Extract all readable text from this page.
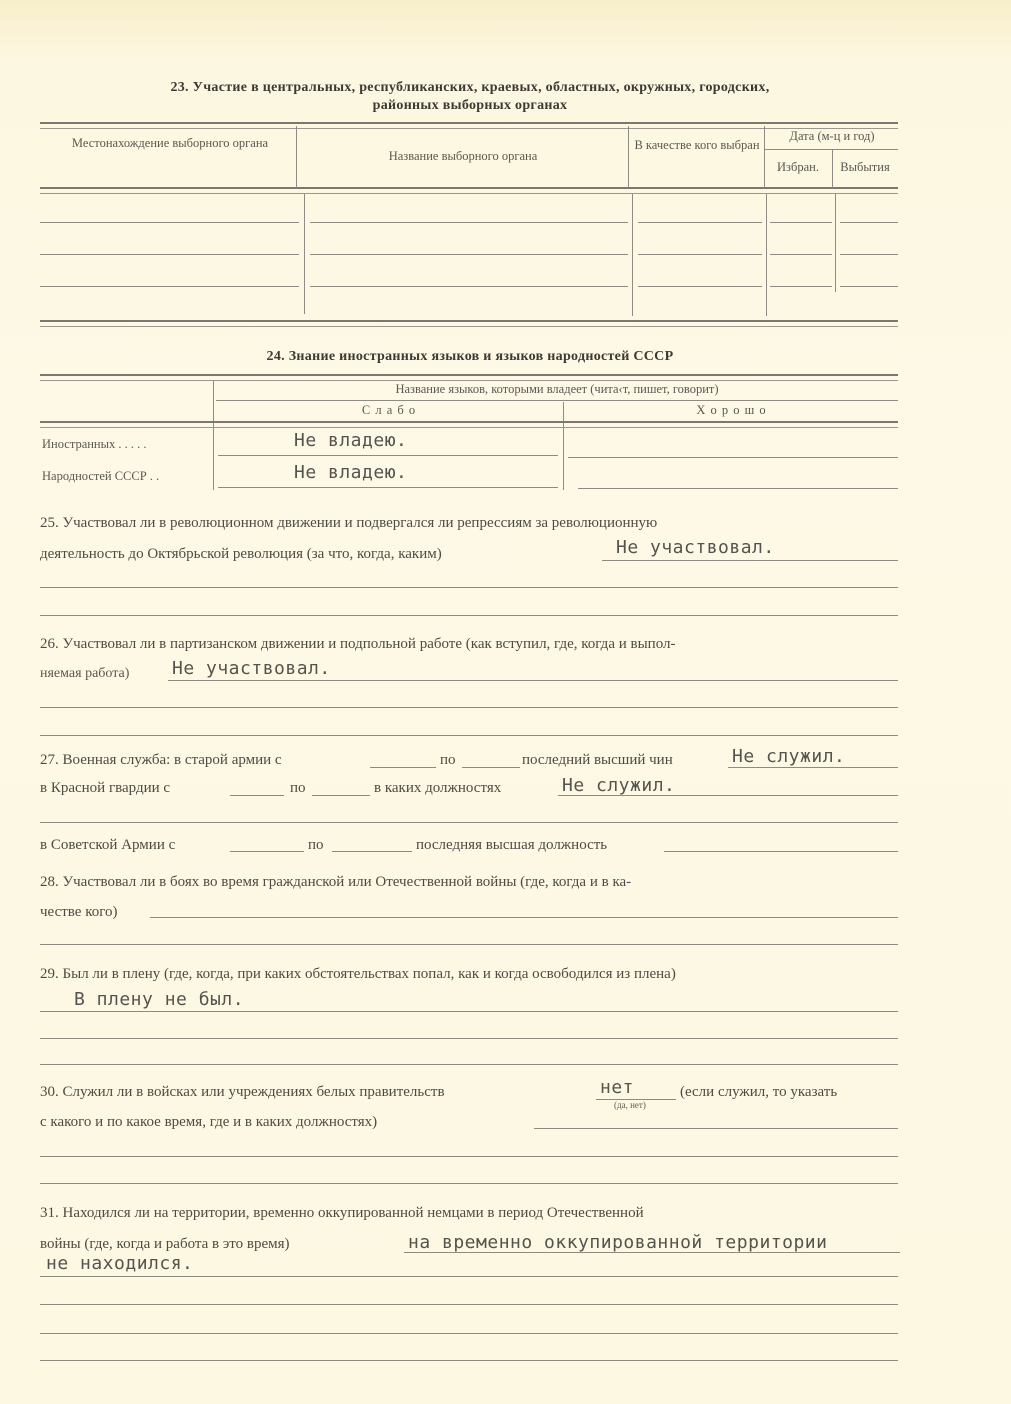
23. Участие в центральных, республиканских, краевых, областных, окружных, городских,
районных выборных органах
Местонахождение выборного органа
Название выборного органа
В качестве кого выбран
Дата (м-ц и год)
Избран.	Выбытия
24. Знание иностранных языков и языков народностей СССР
Название языков, которыми владеет (чита‹т, пишет, говорит)
С л а б о	Х о р о ш о
Иностранных . . . . .	Не владею.
Народностей СССР . .	Не владею.
25. Участвовал ли в революционном движении и подвергался ли репрессиям за революционную
деятельность до Октябрьской революция (за что, когда, каким)	Не участвовал.
26. Участвовал ли в партизанском движении и подпольной работе (как вступил, где, когда и выпол-
няемая работа) Не участвовал.
27. Военная служба: в старой армии с	по	последний высший чин	Не служил.
в Красной гвардии с	по	в каких должностях	Не служил.
в Советской Армии с	по	последняя высшая должность
28. Участвовал ли в боях во время гражданской или Отечественной войны (где, когда и в ка-
честве кого)
29. Был ли в плену (где, когда, при каких обстоятельствах попал, как и когда освободился из плена)
В плену не был.
30. Служил ли в войсках или учреждениях белых правительств	нет
(да, нет)
(если служил, то указать
с какого и по какое время, где и в каких должностях)
31. Находился ли на территории, временно оккупированной немцами в период Отечественной
войны (где, когда и работа в это время)	на временно оккупированной территории
не находился.
